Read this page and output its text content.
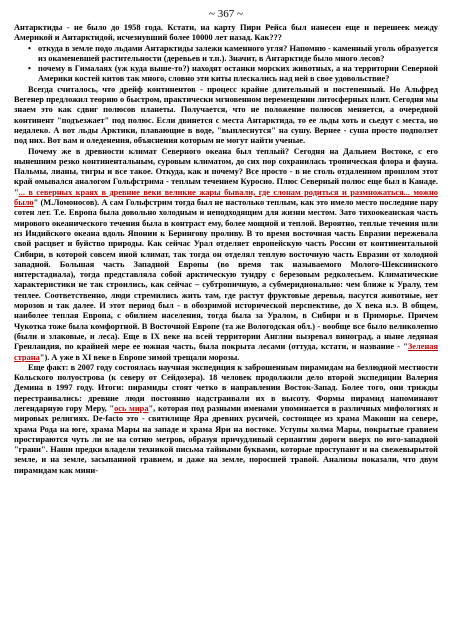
~ 367 ~

Антарктиды - не было до 1958 года. Кстати, на карту Пири Рейса был нанесен еще и перешеек между Америкой и Антарктидой, исчезнувший более 10000 лет назад. Как???

• откуда в земле подо льдами Антарктиды залежи каменного угля? Напомню - каменный уголь образуется из окаменевшей растительности (деревьев и т.п.). Значит, в Антарктиде было много лесов?
• почему в Гималаях (уж куда выше-то?) находят останки морских животных, а на территории Северной Америки костей китов так много, словно эти киты плескались над ней в свое удовольствие?

Всегда считалось, что дрейф континентов - процесс крайне длительный и постепенный. Но Альфред Вегенер предложил теорию о быстром, практически мгновенном перемещении литосферных плит. Сегодня мы знаем это как сдвиг полюсов планеты. Получается, что не положение полюсов меняется, а очередной континент "подъезжает" под полюс. Если двинется с места Антарктида, то ее льды хоть и сьедут с места, но недалеко. А вот льды Арктики, плавающие в воде, "выплеснутся" на сушу. Вернее - суша просто подползет под них. Вот вам и оледенения, объяснения которым не могут найти ученые.

Почему же в древности климат Северного океана был теплый? Сегодня на Дальнем Востоке, с его нынешним резко континентальным, суровым климатом, до сих пор сохранилась тропическая флора и фауна. Пальмы, лианы, тигры и все такое. Откуда, как и почему? Все просто - в не столь отдаленном прошлом этот край омывался аналогом Гольфстрима - теплым течением Куросио. Плюс Северный полюс еще был в Канаде. "... в северных краях в древние веки великие жары бывали, где слонам родиться и размножаться... можно было" (М.Ломоносов). А сам Гольфстрим тогда был не настолько теплым, как это имело место последние пару сотен лет. Т.е. Европа была довольно холодным и неподходящим для жизни местом. Зато тихоокеанская часть мирового океанического течения была в контраст ему, более мощной и теплой. Вероятно, теплые течения шли из Индийского океана вдоль Японии к Берингову проливу. В то время восточная часть Евразии пережевала свой расцвет и буйство природы. Как сейчас Урал отделяет европейскую часть России от континентальной Сибири, в которой совсем иной климат, так тогда он отделял теплую восточную часть Евразии от холодной западной. Большая часть Западной Европы (во время так называемого Молого-Шекснинского интерстадиала), тогда представляла собой арктическую тундру с березовым редколесьем. Климатические характеристики не так строились, как сейчас – субтропичную, а субмеридионально: чем ближе к Уралу, тем теплее. Соответственно, люди стремились жить там, где растут фруктовые деревья, пасутся животные, нет морозов и так далее. И этот период был - в обозримой исторической перспективе, до Х века н.э. В общем, наиболее теплая Европа, с обилием населения, тогда была за Уралом, в Сибири и в Приморье. Причем Чукотка тоже была комфортной. В Восточной Европе (та же Вологодская обл.) - вообще все было великолепно (были и злаковые, и леса). Еще в IX веке на всей территории Англии вызревал виноград, а ныне ледяная Гренландия, по крайней мере ее южная часть, была покрыта лесами (оттуда, кстати, и название - "Зеленая страна"). А уже в XI веке в Европе зимой трещали морозы.

Еще факт: в 2007 году состоялась научная экспедиция к заброшенным пирамидам на безлюдной местности Кольского полуострова (к северу от Сейдозера). 18 человек продолжили дело второй экспедиции Валерия Демина в 1997 году. Итоги: пирамиды стоят четко в направлении Восток-Запад. Более того, они трижды перестраивались: древние люди постоянно надстраивали их в высоту. Формы пирамид напоминают легендарную гору Меру, "ось мира", которая под разными именами упоминается в различных мифологиях и мировых религиях. De-facto это - святилище Яра древних русичей, состоящее из храма Макоши на севере, храма Рода на юге, храма Мары на западе и храма Яри на востоке. Уступы холма Мары, покрытые гравием простираются чуть ли не на сотню метров, образуя причудливый серпантин дороги вверх по юго-западной "грани". Наши предки владели техникой письма тайными буквами, которые проступают и на свежевырытой земле, и на земле, засыпанной гравием, и даже на земле, поросшей травой. Анализы показали, что двум пирамидам как мини-
